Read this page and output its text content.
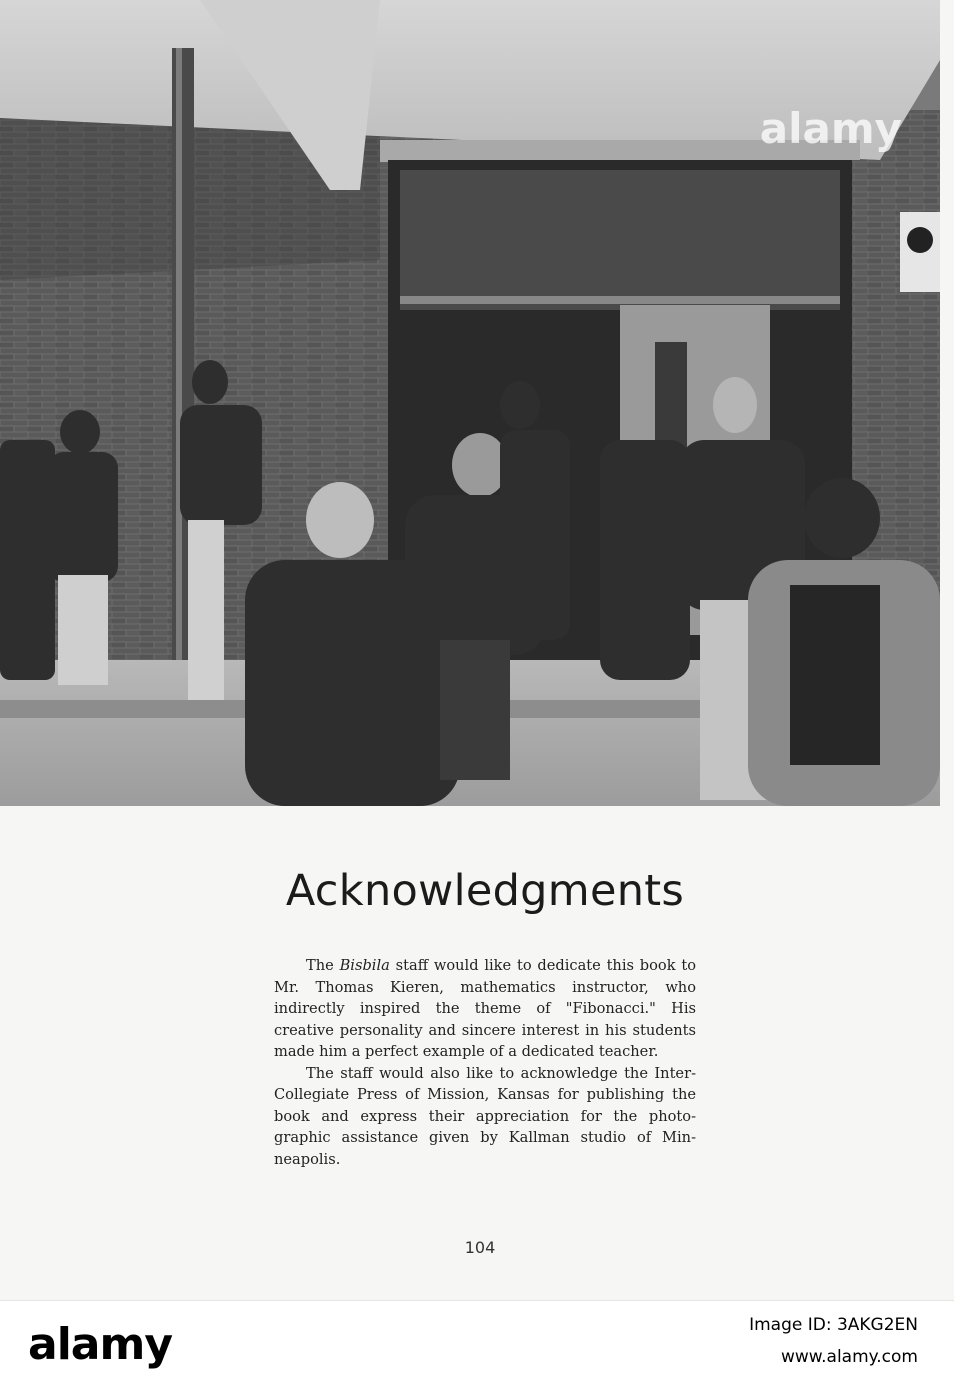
alamy
Acknowledgments

The Bisbila staff would like to dedicate this book to Mr. Thomas Kieren, mathematics instructor, who indirectly inspired the theme of "Fibonacci." His creative personality and sincere interest in his students made him a perfect example of a dedicated teacher.

The staff would also like to acknowledge the InterCollegiate Press of Mission, Kansas for publishing the book and express their appreciation for the photographic assistance given by Kallman studio of Minneapolis.

104
alamy	Image ID: 3AKG2EN
www.alamy.com
